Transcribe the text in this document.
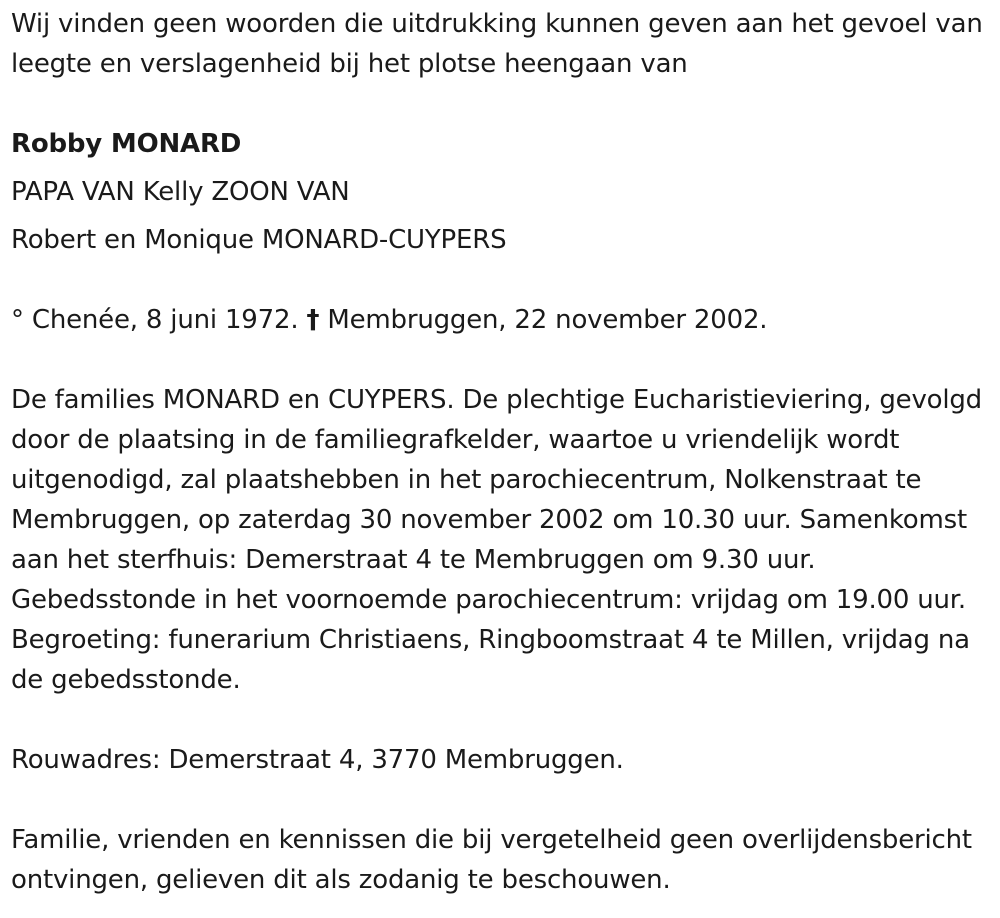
Wij vinden geen woorden die uitdrukking kunnen geven aan het gevoel van leegte en verslagenheid bij het plotse heengaan van

Robby MONARD

PAPA VAN Kelly ZOON VAN

Robert en Monique MONARD-CUYPERS

° Chenée, 8 juni 1972. † Membruggen, 22 november 2002.

De families MONARD en CUYPERS. De plechtige Eucharistieviering, gevolgd door de plaatsing in de familiegrafkelder, waartoe u vriendelijk wordt uitgenodigd, zal plaatshebben in het parochiecentrum, Nolkenstraat te Membruggen, op zaterdag 30 november 2002 om 10.30 uur. Samenkomst aan het sterfhuis: Demerstraat 4 te Membruggen om 9.30 uur. Gebedsstonde in het voornoemde parochiecentrum: vrijdag om 19.00 uur. Begroeting: funerarium Christiaens, Ringboomstraat 4 te Millen, vrijdag na de gebedsstonde.

Rouwadres: Demerstraat 4, 3770 Membruggen.

Familie, vrienden en kennissen die bij vergetelheid geen overlijdensbericht ontvingen, gelieven dit als zodanig te beschouwen.
